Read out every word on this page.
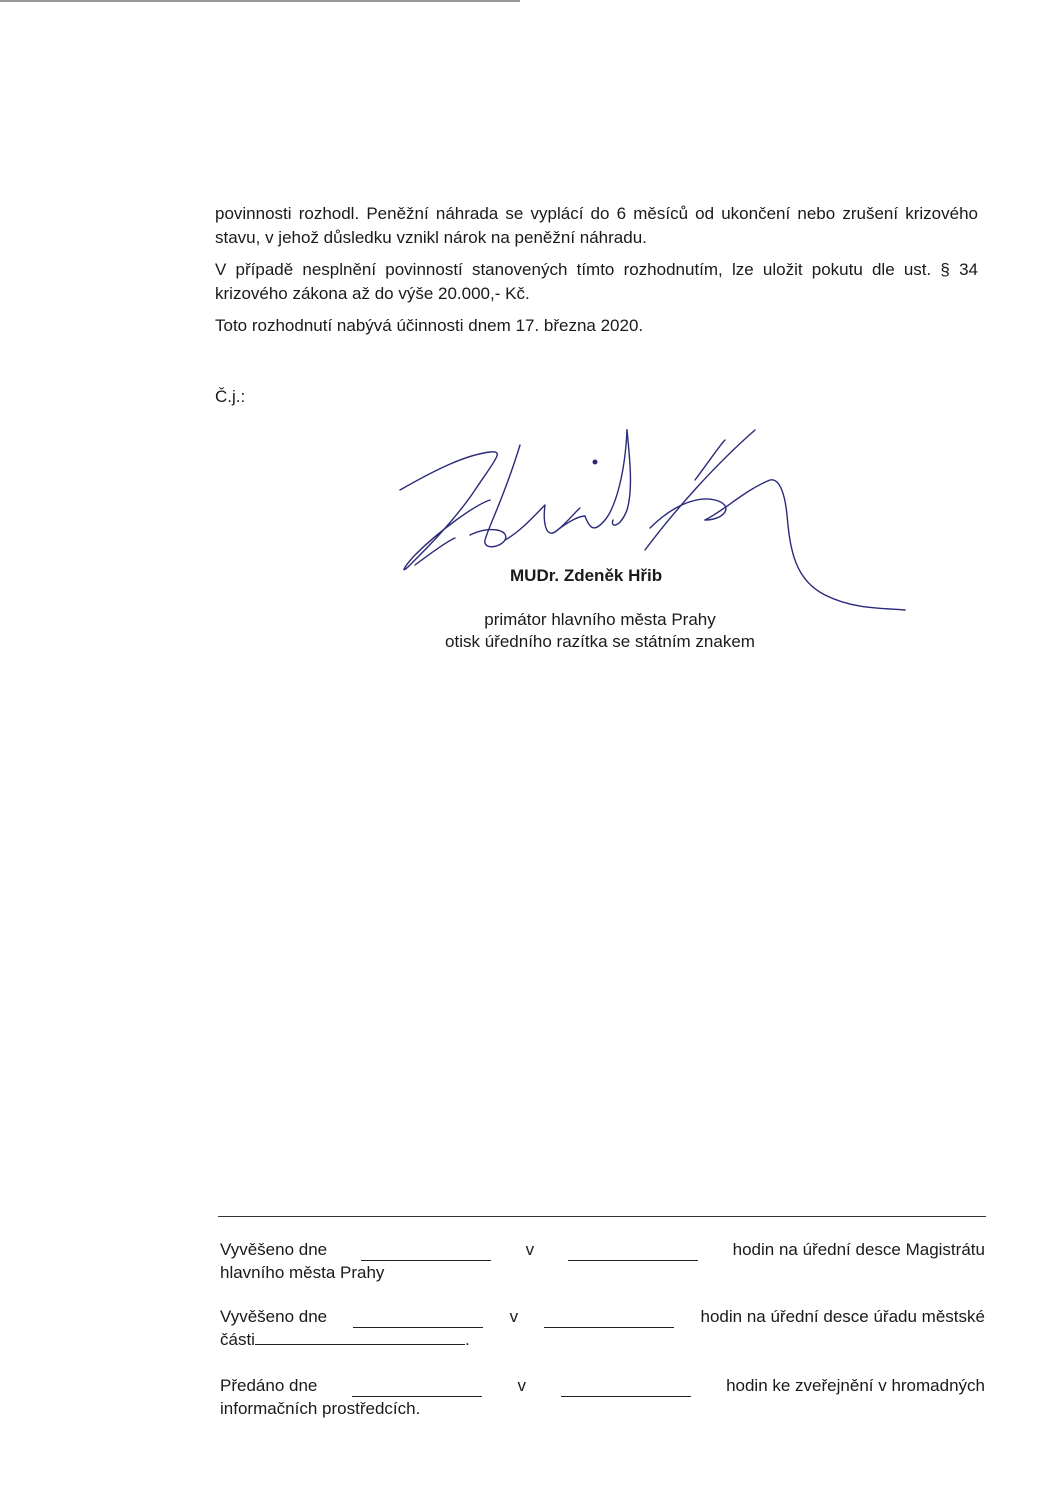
povinnosti rozhodl. Peněžní náhrada se vyplácí do 6 měsíců od ukončení nebo zrušení krizového stavu, v jehož důsledku vznikl nárok na peněžní náhradu.

V případě nesplnění povinností stanovených tímto rozhodnutím, lze uložit pokutu dle ust. § 34 krizového zákona až do výše 20.000,- Kč.

Toto rozhodnutí nabývá účinnosti dnem 17. března 2020.

Č.j.:
MUDr. Zdeněk Hřib
primátor hlavního města Prahy
otisk úředního razítka se státním znakem
Vyvěšeno dne	v	hodin na úřední desce Magistrátu
hlavního města Prahy
Vyvěšeno dne	v	hodin na úřední desce úřadu městské
části	.
Předáno dne	v	hodin ke zveřejnění v hromadných
informačních prostředcích.
